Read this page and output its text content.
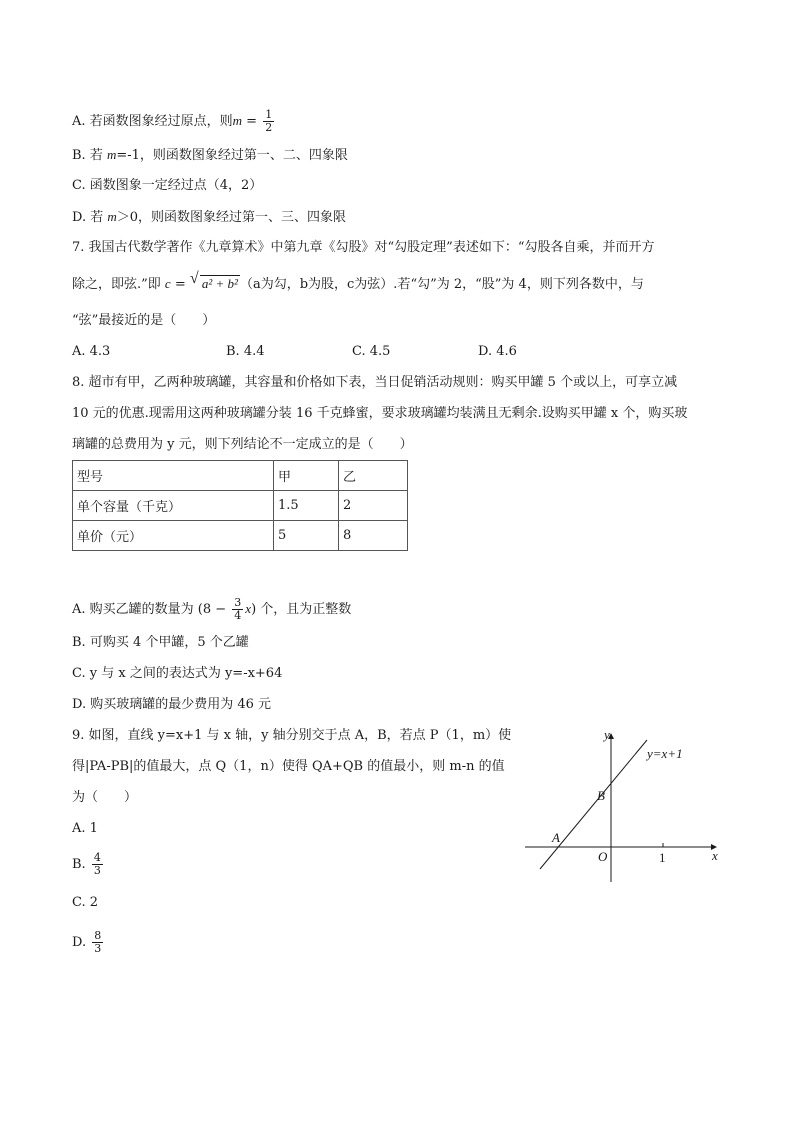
A. 若函数图象经过原点，则$m = \frac{1}{2}$
B. 若 m=-1，则函数图象经过第一、二、四象限
C. 函数图象一定经过点（4，2）
D. 若 m＞0，则函数图象经过第一、三、四象限
7. 我国古代数学著作《九章算术》中第九章《勾股》对“勾股定理”表述如下：“勾股各自乘，并而开方
除之，即弦.”即 c = √ a² + b² （a为勾，b为股，c为弦）.若“勾”为 2，“股”为 4，则下列各数中，与
“弦”最接近的是（　　）
A. 4.3	B. 4.4	C. 4.5	D. 4.6
8. 超市有甲，乙两种玻璃罐，其容量和价格如下表，当日促销活动规则：购买甲罐 5 个或以上，可享立减
10 元的优惠.现需用这两种玻璃罐分装 16 千克蜂蜜，要求玻璃罐均装满且无剩余.设购买甲罐 x 个，购买玻
璃罐的总费用为 y 元，则下列结论不一定成立的是（　　）
型号	甲	乙
单个容量（千克）	1.5	2
单价（元）	5	8
A. 购买乙罐的数量为 $(8 - \frac{3}{4} x)$ 个，且为正整数
B. 可购买 4 个甲罐，5 个乙罐
C. y 与 x 之间的表达式为 y=-x+64
D. 购买玻璃罐的最少费用为 46 元
9. 如图，直线 y=x+1 与 x 轴，y 轴分别交于点 A，B，若点 P（1，m）使
得|PA-PB|的值最大，点 Q（1，n）使得 QA+QB 的值最小，则 m-n 的值
为（　　）
A. 1
B. $\frac{4}{3}$
C. 2
D. $\frac{8}{3}$
y
x
y=x+1
B
A
O	1
